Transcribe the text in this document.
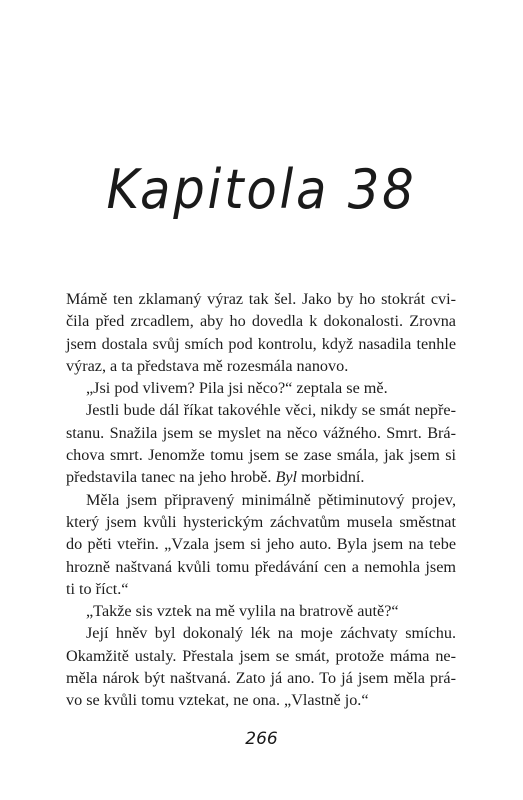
Kapitola 38
Mámě ten zklamaný výraz tak šel. Jako by ho stokrát cvi-
čila před zrcadlem, aby ho dovedla k dokonalosti. Zrovna
jsem dostala svůj smích pod kontrolu, když nasadila tenhle
výraz, a ta představa mě rozesmála nanovo.
„Jsi pod vlivem? Pila jsi něco?“ zeptala se mě.
Jestli bude dál říkat takovéhle věci, nikdy se smát nepře-
stanu. Snažila jsem se myslet na něco vážného. Smrt. Brá-
chova smrt. Jenomže tomu jsem se zase smála, jak jsem si
představila tanec na jeho hrobě. Byl morbidní.
Měla jsem připravený minimálně pětiminutový projev,
který jsem kvůli hysterickým záchvatům musela směstnat
do pěti vteřin. „Vzala jsem si jeho auto. Byla jsem na tebe
hrozně naštvaná kvůli tomu předávání cen a nemohla jsem
ti to říct.“
„Takže sis vztek na mě vylila na bratrově autě?“
Její hněv byl dokonalý lék na moje záchvaty smíchu.
Okamžitě ustaly. Přestala jsem se smát, protože máma ne-
měla nárok být naštvaná. Zato já ano. To já jsem měla prá-
vo se kvůli tomu vztekat, ne ona. „Vlastně jo.“
266
